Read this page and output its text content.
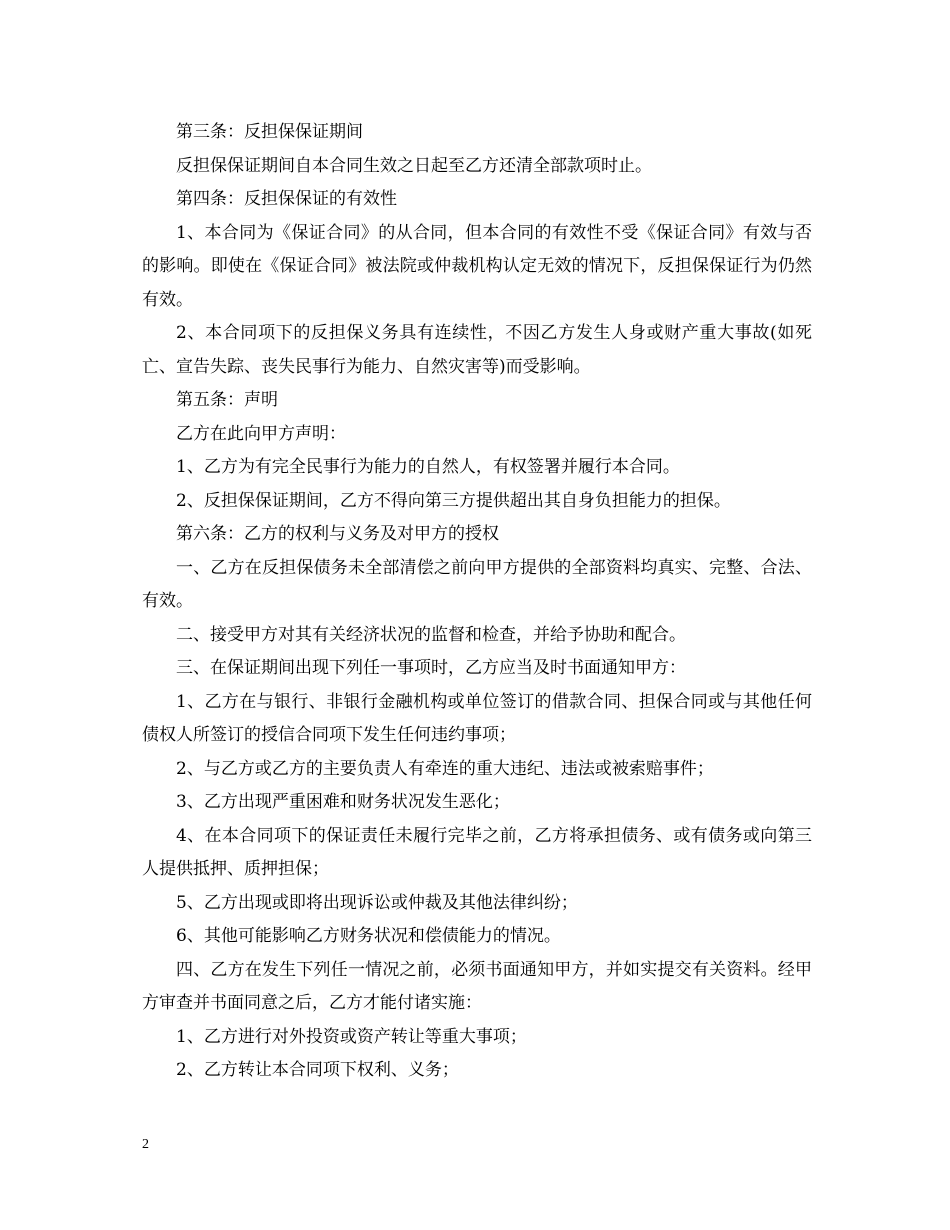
第三条：反担保保证期间

反担保保证期间自本合同生效之日起至乙方还清全部款项时止。

第四条：反担保保证的有效性

1、本合同为《保证合同》的从合同，但本合同的有效性不受《保证合同》有效与否的影响。即使在《保证合同》被法院或仲裁机构认定无效的情况下，反担保保证行为仍然有效。

2、本合同项下的反担保义务具有连续性，不因乙方发生人身或财产重大事故(如死亡、宣告失踪、丧失民事行为能力、自然灾害等)而受影响。

第五条：声明

乙方在此向甲方声明：

1、乙方为有完全民事行为能力的自然人，有权签署并履行本合同。

2、反担保保证期间，乙方不得向第三方提供超出其自身负担能力的担保。

第六条：乙方的权利与义务及对甲方的授权

一、乙方在反担保债务未全部清偿之前向甲方提供的全部资料均真实、完整、合法、有效。

二、接受甲方对其有关经济状况的监督和检查，并给予协助和配合。

三、在保证期间出现下列任一事项时，乙方应当及时书面通知甲方：

1、乙方在与银行、非银行金融机构或单位签订的借款合同、担保合同或与其他任何债权人所签订的授信合同项下发生任何违约事项；

2、与乙方或乙方的主要负责人有牵连的重大违纪、违法或被索赔事件；

3、乙方出现严重困难和财务状况发生恶化；

4、在本合同项下的保证责任未履行完毕之前，乙方将承担债务、或有债务或向第三人提供抵押、质押担保；

5、乙方出现或即将出现诉讼或仲裁及其他法律纠纷；

6、其他可能影响乙方财务状况和偿债能力的情况。

四、乙方在发生下列任一情况之前，必须书面通知甲方，并如实提交有关资料。经甲方审查并书面同意之后，乙方才能付诸实施：

1、乙方进行对外投资或资产转让等重大事项；

2、乙方转让本合同项下权利、义务；

2
